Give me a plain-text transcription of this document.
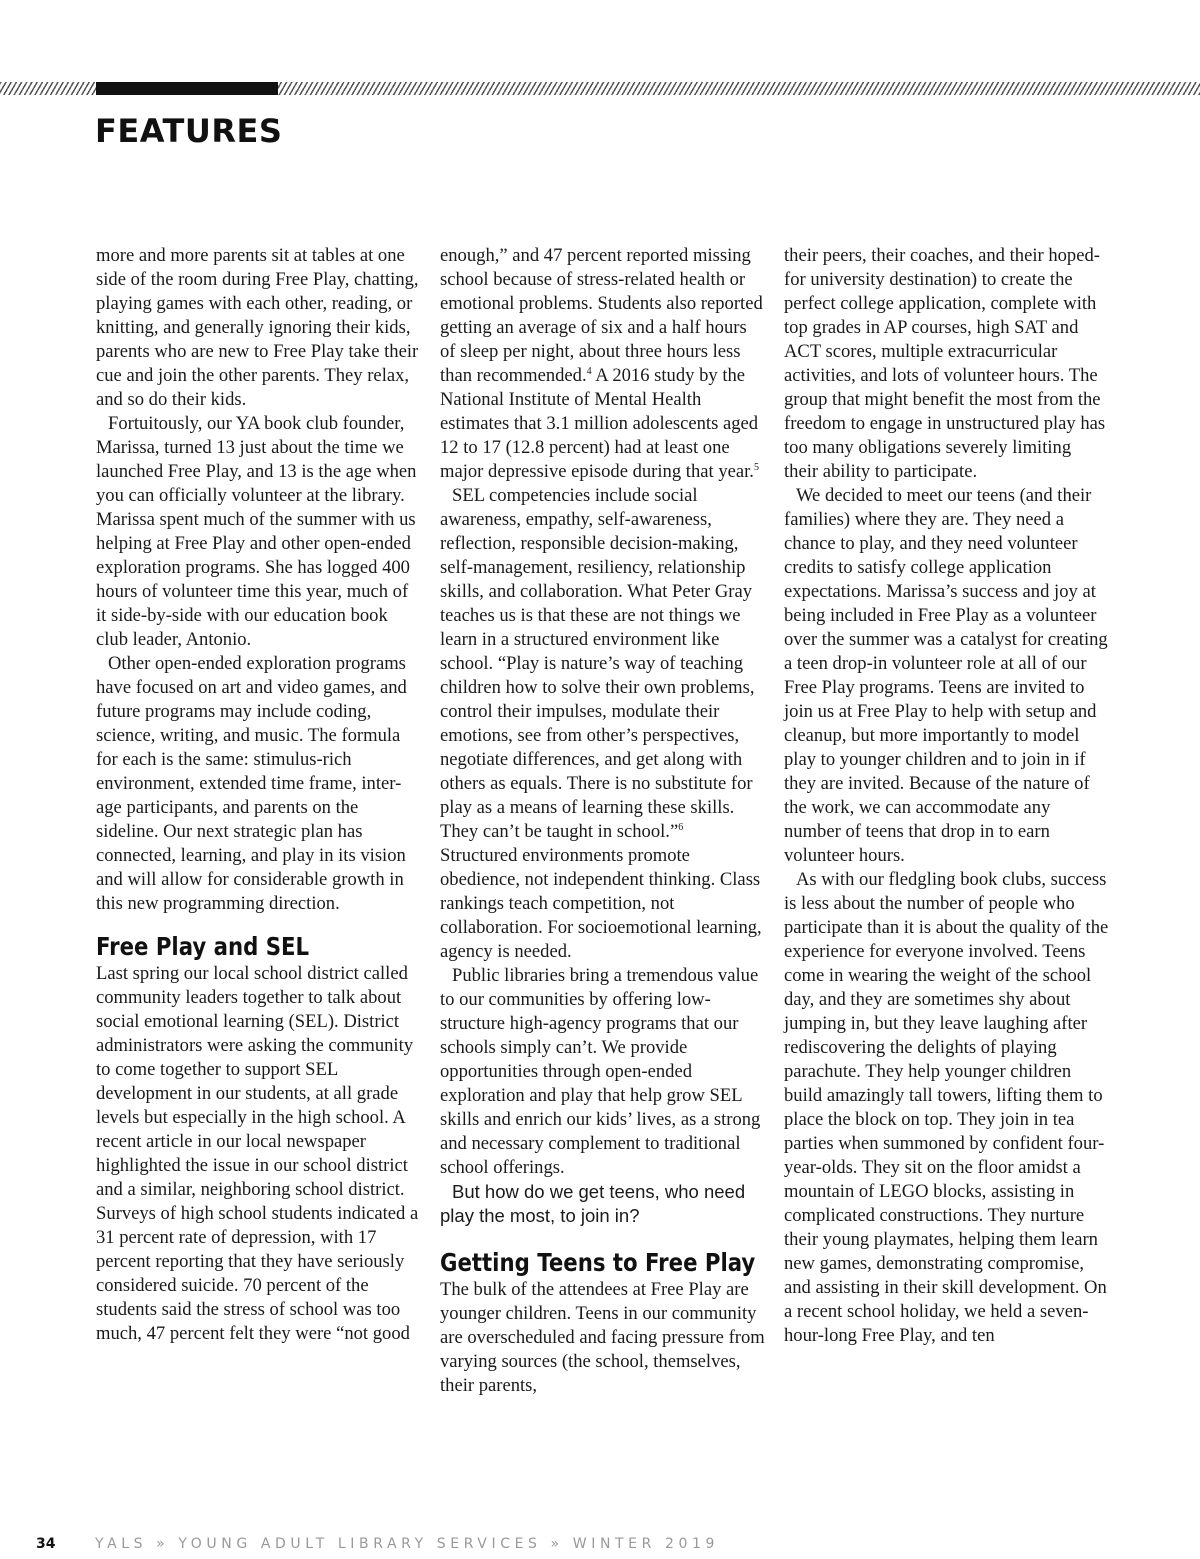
FEATURES

more and more parents sit at tables at one side of the room during Free Play, chatting, playing games with each other, reading, or knitting, and generally ignoring their kids, parents who are new to Free Play take their cue and join the other parents. They relax, and so do their kids.

Fortuitously, our YA book club founder, Marissa, turned 13 just about the time we launched Free Play, and 13 is the age when you can officially volunteer at the library. Marissa spent much of the summer with us helping at Free Play and other open-ended exploration programs. She has logged 400 hours of volunteer time this year, much of it side-by-side with our education book club leader, Antonio.

Other open-ended exploration programs have focused on art and video games, and future programs may include coding, science, writing, and music. The formula for each is the same: stimulus-rich environment, extended time frame, inter-age participants, and parents on the sideline. Our next strategic plan has connected, learning, and play in its vision and will allow for considerable growth in this new programming direction.

Free Play and SEL

Last spring our local school district called community leaders together to talk about social emotional learning (SEL). District administrators were asking the community to come together to support SEL development in our students, at all grade levels but especially in the high school. A recent article in our local newspaper highlighted the issue in our school district and a similar, neighboring school district. Surveys of high school students indicated a 31 percent rate of depression, with 17 percent reporting that they have seriously considered suicide. 70 percent of the students said the stress of school was too much, 47 percent felt they were “not good

enough,” and 47 percent reported missing school because of stress-related health or emotional problems. Students also reported getting an average of six and a half hours of sleep per night, about three hours less than recommended.$^4$ A 2016 study by the National Institute of Mental Health estimates that 3.1 million adolescents aged 12 to 17 (12.8 percent) had at least one major depressive episode during that year.$^5$

SEL competencies include social awareness, empathy, self-awareness, reflection, responsible decision-making, self-management, resiliency, relationship skills, and collaboration. What Peter Gray teaches us is that these are not things we learn in a structured environment like school. “Play is nature’s way of teaching children how to solve their own problems, control their impulses, modulate their emotions, see from other’s perspectives, negotiate differences, and get along with others as equals. There is no substitute for play as a means of learning these skills. They can’t be taught in school.”$^6$ Structured environments promote obedience, not independent thinking. Class rankings teach competition, not collaboration. For socioemotional learning, agency is needed.

Public libraries bring a tremendous value to our communities by offering low-structure high-agency programs that our schools simply can’t. We provide opportunities through open-ended exploration and play that help grow SEL skills and enrich our kids’ lives, as a strong and necessary complement to traditional school offerings.

But how do we get teens, who need play the most, to join in?

Getting Teens to Free Play

The bulk of the attendees at Free Play are younger children. Teens in our community are overscheduled and facing pressure from varying sources (the school, themselves, their parents,

their peers, their coaches, and their hoped-for university destination) to create the perfect college application, complete with top grades in AP courses, high SAT and ACT scores, multiple extracurricular activities, and lots of volunteer hours. The group that might benefit the most from the freedom to engage in unstructured play has too many obligations severely limiting their ability to participate.

We decided to meet our teens (and their families) where they are. They need a chance to play, and they need volunteer credits to satisfy college application expectations. Marissa’s success and joy at being included in Free Play as a volunteer over the summer was a catalyst for creating a teen drop-in volunteer role at all of our Free Play programs. Teens are invited to join us at Free Play to help with setup and cleanup, but more importantly to model play to younger children and to join in if they are invited. Because of the nature of the work, we can accommodate any number of teens that drop in to earn volunteer hours.

As with our fledgling book clubs, success is less about the number of people who participate than it is about the quality of the experience for everyone involved. Teens come in wearing the weight of the school day, and they are sometimes shy about jumping in, but they leave laughing after rediscovering the delights of playing parachute. They help younger children build amazingly tall towers, lifting them to place the block on top. They join in tea parties when summoned by confident four-year-olds. They sit on the floor amidst a mountain of LEGO blocks, assisting in complicated constructions. They nurture their young playmates, helping them learn new games, demonstrating compromise, and assisting in their skill development. On a recent school holiday, we held a seven-hour-long Free Play, and ten

34	YALS » YOUNG ADULT LIBRARY SERVICES » WINTER 2019
